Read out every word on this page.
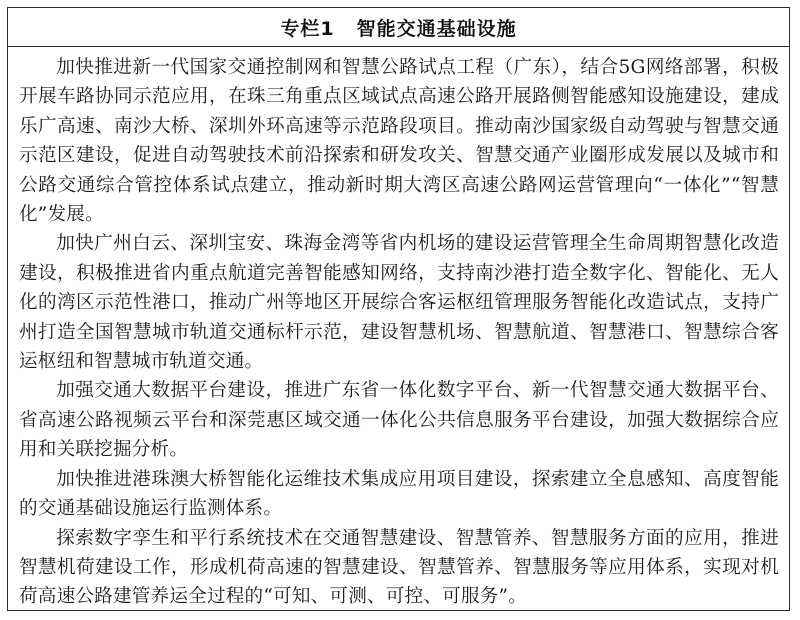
专栏1 智能交通基础设施

加快推进新一代国家交通控制网和智慧公路试点工程（广东），结合5G网络部署，积极开展车路协同示范应用，在珠三角重点区域试点高速公路开展路侧智能感知设施建设，建成乐广高速、南沙大桥、深圳外环高速等示范路段项目。推动南沙国家级自动驾驶与智慧交通示范区建设，促进自动驾驶技术前沿探索和研发攻关、智慧交通产业圈形成发展以及城市和公路交通综合管控体系试点建立，推动新时期大湾区高速公路网运营管理向“一体化”“智慧化”发展。

加快广州白云、深圳宝安、珠海金湾等省内机场的建设运营管理全生命周期智慧化改造建设，积极推进省内重点航道完善智能感知网络，支持南沙港打造全数字化、智能化、无人化的湾区示范性港口，推动广州等地区开展综合客运枢纽管理服务智能化改造试点，支持广州打造全国智慧城市轨道交通标杆示范，建设智慧机场、智慧航道、智慧港口、智慧综合客运枢纽和智慧城市轨道交通。

加强交通大数据平台建设，推进广东省一体化数字平台、新一代智慧交通大数据平台、省高速公路视频云平台和深莞惠区域交通一体化公共信息服务平台建设，加强大数据综合应用和关联挖掘分析。

加快推进港珠澳大桥智能化运维技术集成应用项目建设，探索建立全息感知、高度智能的交通基础设施运行监测体系。

探索数字孪生和平行系统技术在交通智慧建设、智慧管养、智慧服务方面的应用，推进智慧机荷建设工作，形成机荷高速的智慧建设、智慧管养、智慧服务等应用体系，实现对机荷高速公路建管养运全过程的“可知、可测、可控、可服务”。
